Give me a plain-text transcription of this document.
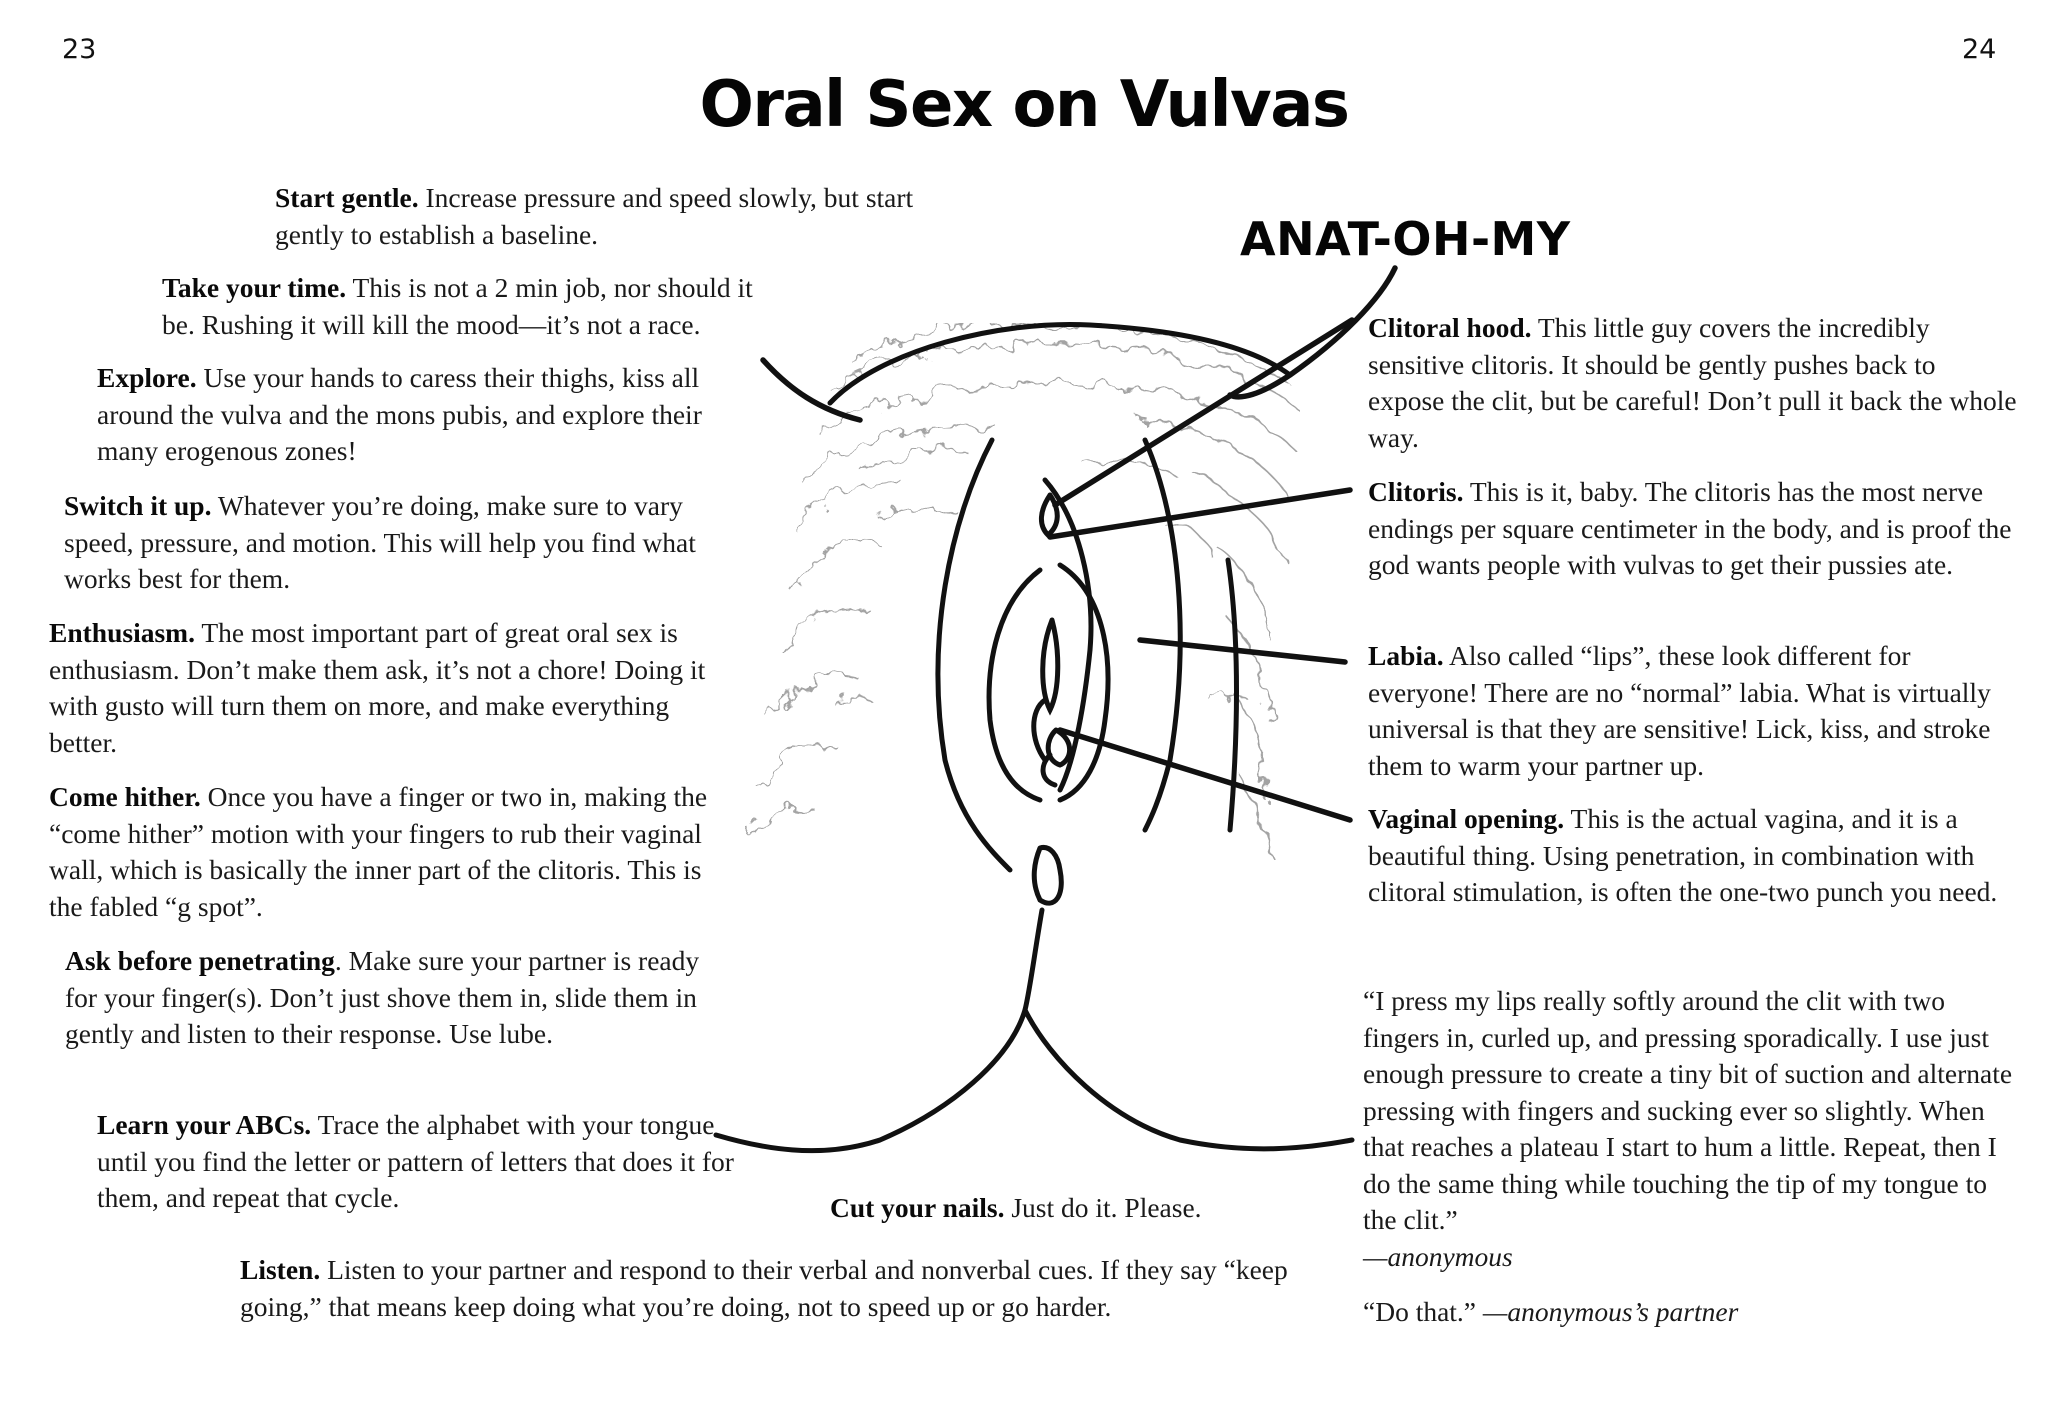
23	24
Oral Sex on Vulvas
ANAT-OH-MY

Start gentle. Increase pressure and speed slowly, but start gently to establish a baseline.

Take your time. This is not a 2 min job, nor should it be. Rushing it will kill the mood—it’s not a race.

Explore. Use your hands to caress their thighs, kiss all around the vulva and the mons pubis, and explore their many erogenous zones!

Switch it up. Whatever you’re doing, make sure to vary speed, pressure, and motion. This will help you find what works best for them.

Enthusiasm. The most important part of great oral sex is enthusiasm. Don’t make them ask, it’s not a chore! Doing it with gusto will turn them on more, and make everything better.

Come hither. Once you have a finger or two in, making the “come hither” motion with your fingers to rub their vaginal wall, which is basically the inner part of the clitoris. This is the fabled “g spot”.

Ask before penetrating. Make sure your partner is ready for your finger(s). Don’t just shove them in, slide them in gently and listen to their response. Use lube.

Learn your ABCs. Trace the alphabet with your tongue until you find the letter or pattern of letters that does it for them, and repeat that cycle.	Cut your nails. Just do it. Please.

Listen. Listen to your partner and respond to their verbal and nonverbal cues. If they say “keep going,” that means keep doing what you’re doing, not to speed up or go harder.

Clitoral hood. This little guy covers the incredibly sensitive clitoris. It should be gently pushes back to expose the clit, but be careful! Don’t pull it back the whole way.

Clitoris. This is it, baby. The clitoris has the most nerve endings per square centimeter in the body, and is proof the god wants people with vulvas to get their pussies ate.

Labia. Also called “lips”, these look different for everyone! There are no “normal” labia. What is virtually universal is that they are sensitive! Lick, kiss, and stroke them to warm your partner up.

Vaginal opening. This is the actual vagina, and it is a beautiful thing. Using penetration, in combination with clitoral stimulation, is often the one-two punch you need.

“I press my lips really softly around the clit with two fingers in, curled up, and pressing sporadically. I use just enough pressure to create a tiny bit of suction and alternate pressing with fingers and sucking ever so slightly. When that reaches a plateau I start to hum a little. Repeat, then I do the same thing while touching the tip of my tongue to the clit.”
—anonymous

“Do that.” —anonymous’s partner
